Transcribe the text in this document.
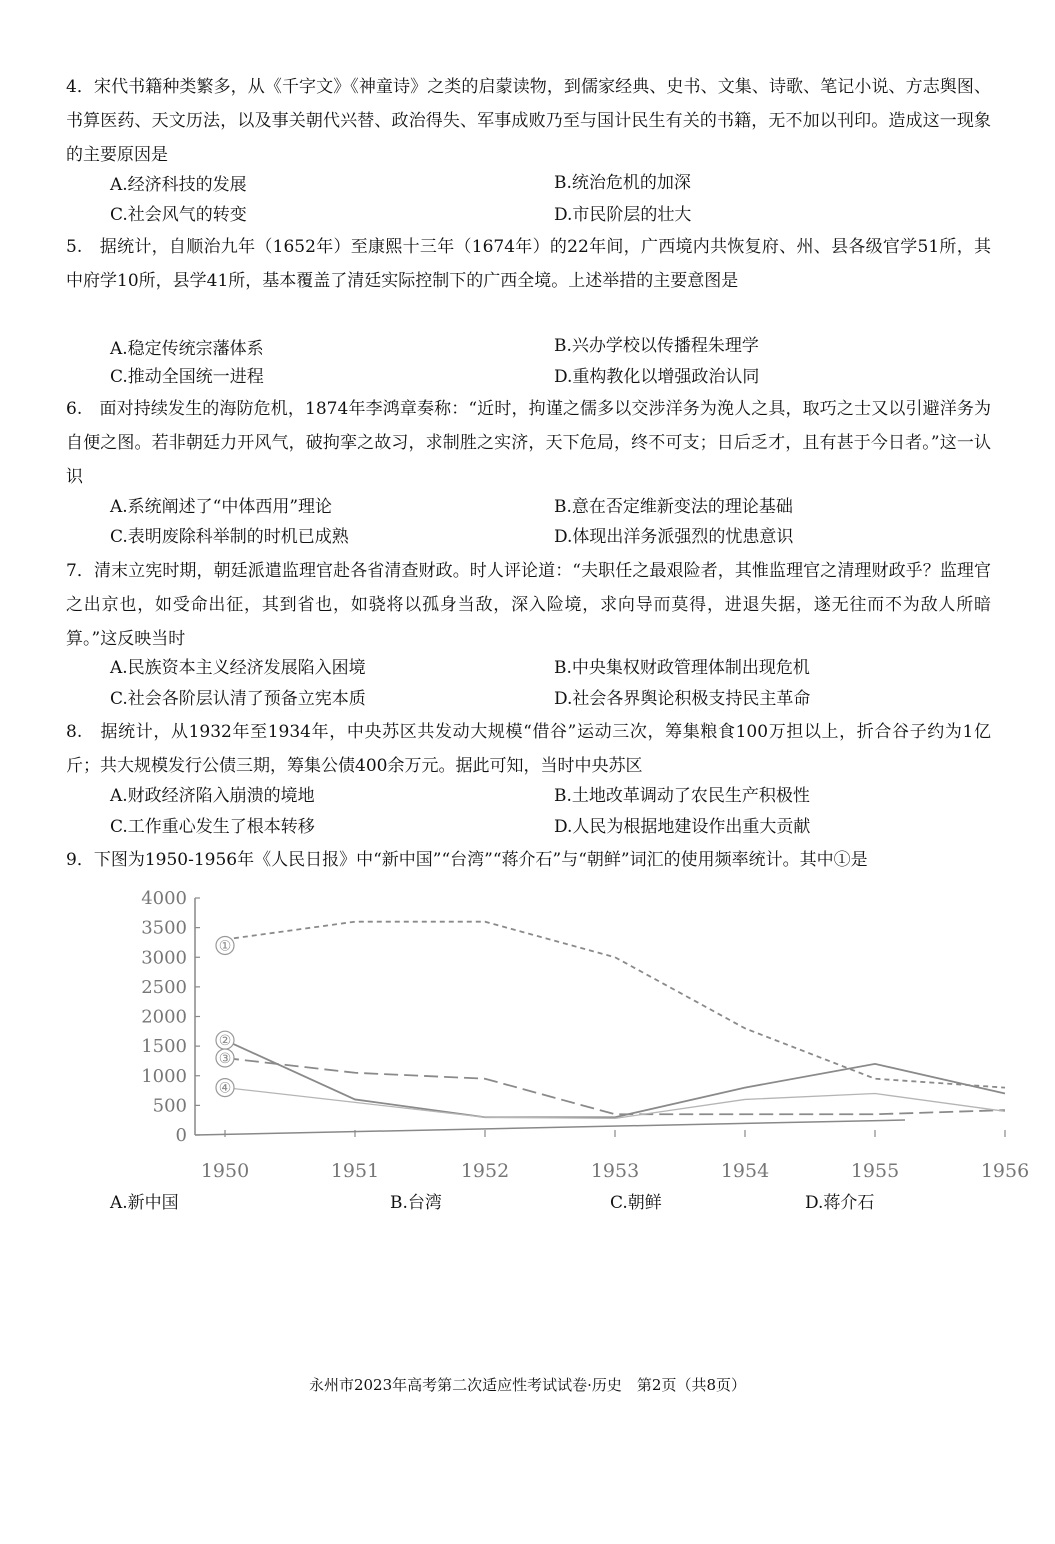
4．宋代书籍种类繁多，从《千字文》《神童诗》之类的启蒙读物，到儒家经典、史书、文集、诗歌、笔记小说、方志舆图、书算医药、天文历法，以及事关朝代兴替、政治得失、军事成败乃至与国计民生有关的书籍，无不加以刊印。造成这一现象的主要原因是
A.经济科技的发展	B.统治危机的加深
C.社会风气的转变	D.市民阶层的壮大
5.　据统计，自顺治九年（1652年）至康熙十三年（1674年）的22年间，广西境内共恢复府、州、县各级官学51所，其中府学10所，县学41所，基本覆盖了清廷实际控制下的广西全境。上述举措的主要意图是
A.稳定传统宗藩体系	B.兴办学校以传播程朱理学
C.推动全国统一进程	D.重构教化以增强政治认同
6.　面对持续发生的海防危机，1874年李鸿章奏称：“近时，拘谨之儒多以交涉洋务为浼人之具，取巧之士又以引避洋务为自便之图。若非朝廷力开风气，破拘挛之故习，求制胜之实济，天下危局，终不可支；日后乏才，且有甚于今日者。”这一认识
A.系统阐述了“中体西用”理论	B.意在否定维新变法的理论基础
C.表明废除科举制的时机已成熟	D.体现出洋务派强烈的忧患意识
7．清末立宪时期，朝廷派遣监理官赴各省清查财政。时人评论道：“夫职任之最艰险者，其惟监理官之清理财政乎？监理官之出京也，如受命出征，其到省也，如骁将以孤身当敌，深入险境，求向导而莫得，进退失据，遂无往而不为敌人所暗算。”这反映当时
A.民族资本主义经济发展陷入困境	B.中央集权财政管理体制出现危机
C.社会各阶层认清了预备立宪本质	D.社会各界舆论积极支持民主革命
8.　据统计，从1932年至1934年，中央苏区共发动大规模“借谷”运动三次，筹集粮食100万担以上，折合谷子约为1亿斤；共大规模发行公债三期，筹集公债400余万元。据此可知，当时中央苏区
A.财政经济陷入崩溃的境地	B.土地改革调动了农民生产积极性
C.工作重心发生了根本转移	D.人民为根据地建设作出重大贡献
9．下图为1950-1956年《人民日报》中“新中国”“台湾”“蒋介石”与“朝鲜”词汇的使用频率统计。其中①是
0
500
1000
1500
2000
2500
3000
3500
4000
1950	1951	1952	1953	1954	1955	1956
①
②
③
④
A.新中国	B.台湾	C.朝鲜	D.蒋介石
永州市2023年高考第二次适应性考试试卷·历史　第2页（共8页）
